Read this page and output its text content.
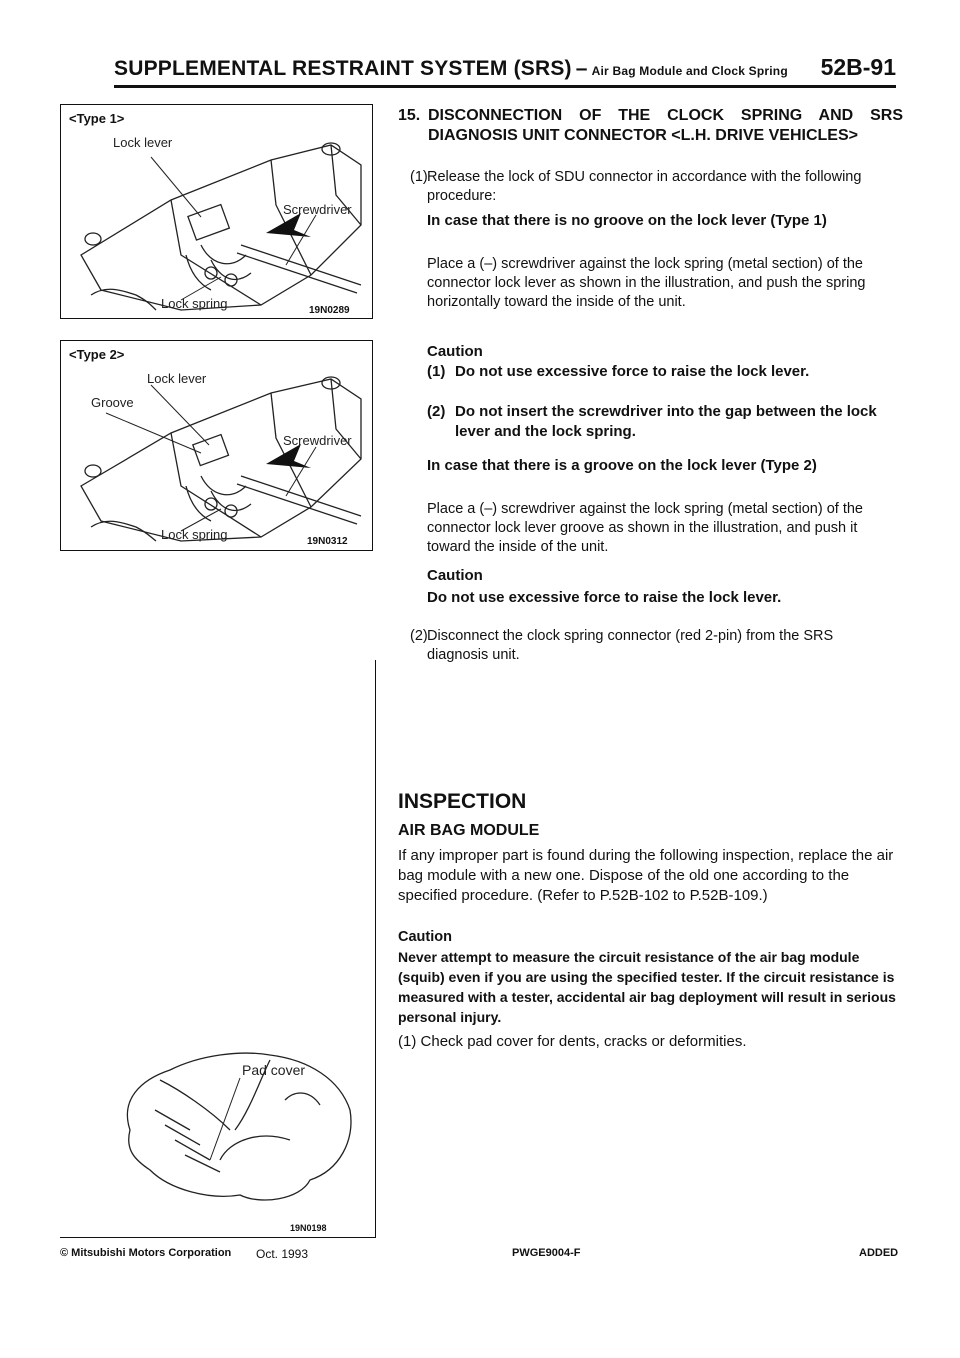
SUPPLEMENTAL RESTRAINT SYSTEM (SRS) – Air Bag Module and Clock Spring 52B-91
<Type 1>
Lock lever
Screwdriver
Lock spring	19N0289
<Type 2>
Lock lever
Groove
Screwdriver
Lock spring	19N0312
Pad cover
19N0198
15. DISCONNECTION OF THE CLOCK SPRING AND SRS DIAGNOSIS UNIT CONNECTOR <L.H. DRIVE VEHICLES>
(1) Release the lock of SDU connector in accordance with the following procedure:
In case that there is no groove on the lock lever (Type 1)
Place a (–) screwdriver against the lock spring (metal section) of the connector lock lever as shown in the illustration, and push the spring horizontally toward the inside of the unit.
Caution
(1) Do not use excessive force to raise the lock lever.
(2) Do not insert the screwdriver into the gap between the lock lever and the lock spring.
In case that there is a groove on the lock lever (Type 2)
Place a (–) screwdriver against the lock spring (metal section) of the connector lock lever groove as shown in the illustration, and push it toward the inside of the unit.
Caution
Do not use excessive force to raise the lock lever.
(2) Disconnect the clock spring connector (red 2-pin) from the SRS diagnosis unit.
INSPECTION
AIR BAG MODULE
If any improper part is found during the following inspection, replace the air bag module with a new one. Dispose of the old one according to the specified procedure. (Refer to P.52B-102 to P.52B-109.)
Caution
Never attempt to measure the circuit resistance of the air bag module (squib) even if you are using the specified tester. If the circuit resistance is measured with a tester, accidental air bag deployment will result in serious personal injury.
(1) Check pad cover for dents, cracks or deformities.
© Mitsubishi Motors Corporation Oct. 1993	PWGE9004-F	ADDED
